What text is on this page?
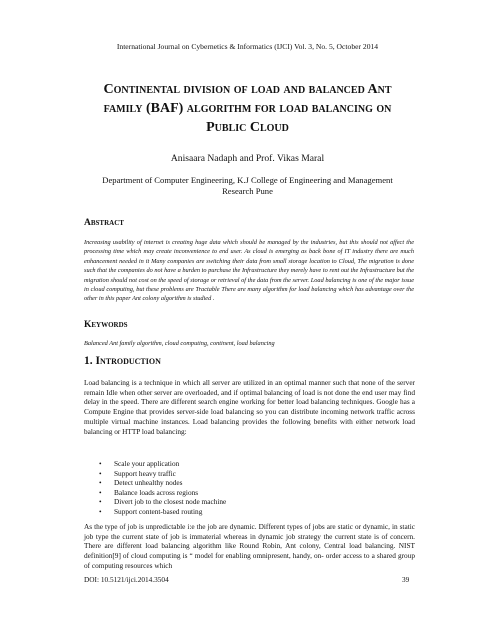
International Journal on Cybernetics & Informatics (IJCI) Vol. 3, No. 5, October 2014
Continental division of load and balanced Ant
family (BAF) algorithm for load balancing on
Public Cloud
Anisaara Nadaph and Prof. Vikas Maral
Department of Computer Engineering, K.J College of Engineering and Management
Research Pune
Abstract
Increasing usability of internet is creating huge data which should be managed by the industries, but this should not affect the processing time which may create inconvenience to end user. As cloud is emerging as back bone of IT industry there are much enhancement needed in it Many companies are switching their data from small storage location to Cloud, The migration is done such that the companies do not have a burden to purchase the Infrastructure they merely have to rent out the Infrastructure but the migration should not cost on the speed of storage or retrieval of the data from the server. Load balancing is one of the major issue in cloud computing, but these problems are Tractable There are many algorithm for load balancing which has advantage over the other in this paper Ant colony algorithm is studied .
Keywords
Balanced Ant family algorithm, cloud computing, continent, load balancing
1. Introduction
Load balancing is a technique in which all server are utilized in an optimal manner such that none of the server remain Idle when other server are overloaded, and if optimal balancing of load is not done the end user may find delay in the speed. There are different search engine working for better load balancing techniques. Google has a Compute Engine that provides server-side load balancing so you can distribute incoming network traffic across multiple virtual machine instances. Load balancing provides the following benefits with either network load balancing or HTTP load balancing:
• Scale your application
• Support heavy traffic
• Detect unhealthy nodes
• Balance loads across regions
• Divert job to the closest node machine
• Support content-based routing
As the type of job is unpredictable i:e the job are dynamic. Different types of jobs are static or dynamic, in static job type the current state of job is immaterial whereas in dynamic job strategy the current state is of concern. There are different load balancing algorithm like Round Robin, Ant colony, Central load balancing. NIST definition[9] of cloud computing is “ model for enabling omnipresent, handy, on- order access to a shared group of computing resources which
DOI: 10.5121/ijci.2014.3504	39
